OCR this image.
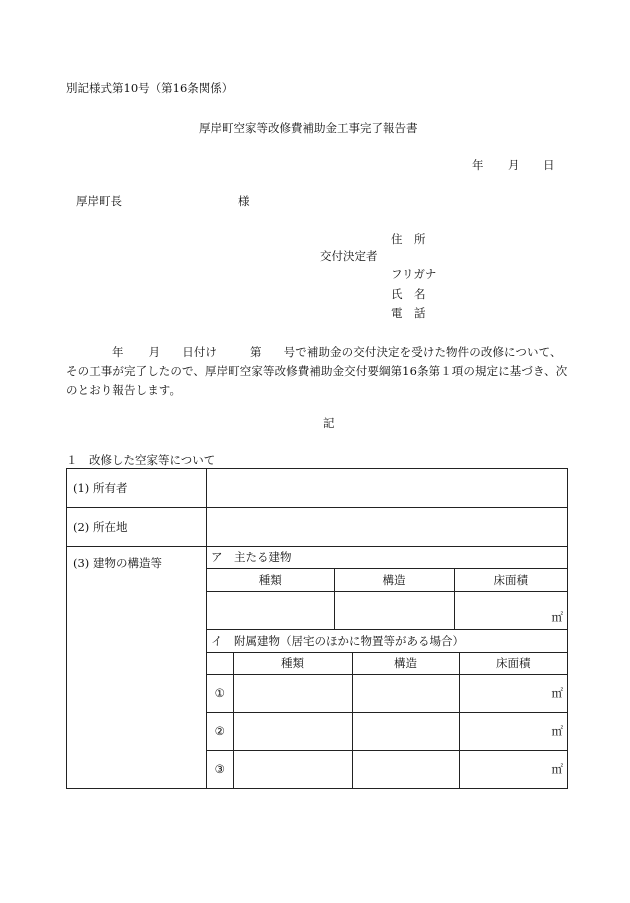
別記様式第10号（第16条関係）
厚岸町空家等改修費補助金工事完了報告書
年 月 日
厚岸町長	様
住　所
交付決定者
フリガナ
氏　名
電　話
年 月 日付け	第 号で補助金の交付決定を受けた物件の改修について、その工事が完了したので、厚岸町空家等改修費補助金交付要綱第16条第１項の規定に基づき、次のとおり報告します。
記
１　改修した空家等について
(1) 所有者	
(2) 所在地	
(3) 建物の構造等	ア　主たる建物
種類	構造	床面積
		㎡
イ　附属建物（居宅のほかに物置等がある場合）
	種類	構造	床面積
①			㎡
②			㎡
③			㎡
